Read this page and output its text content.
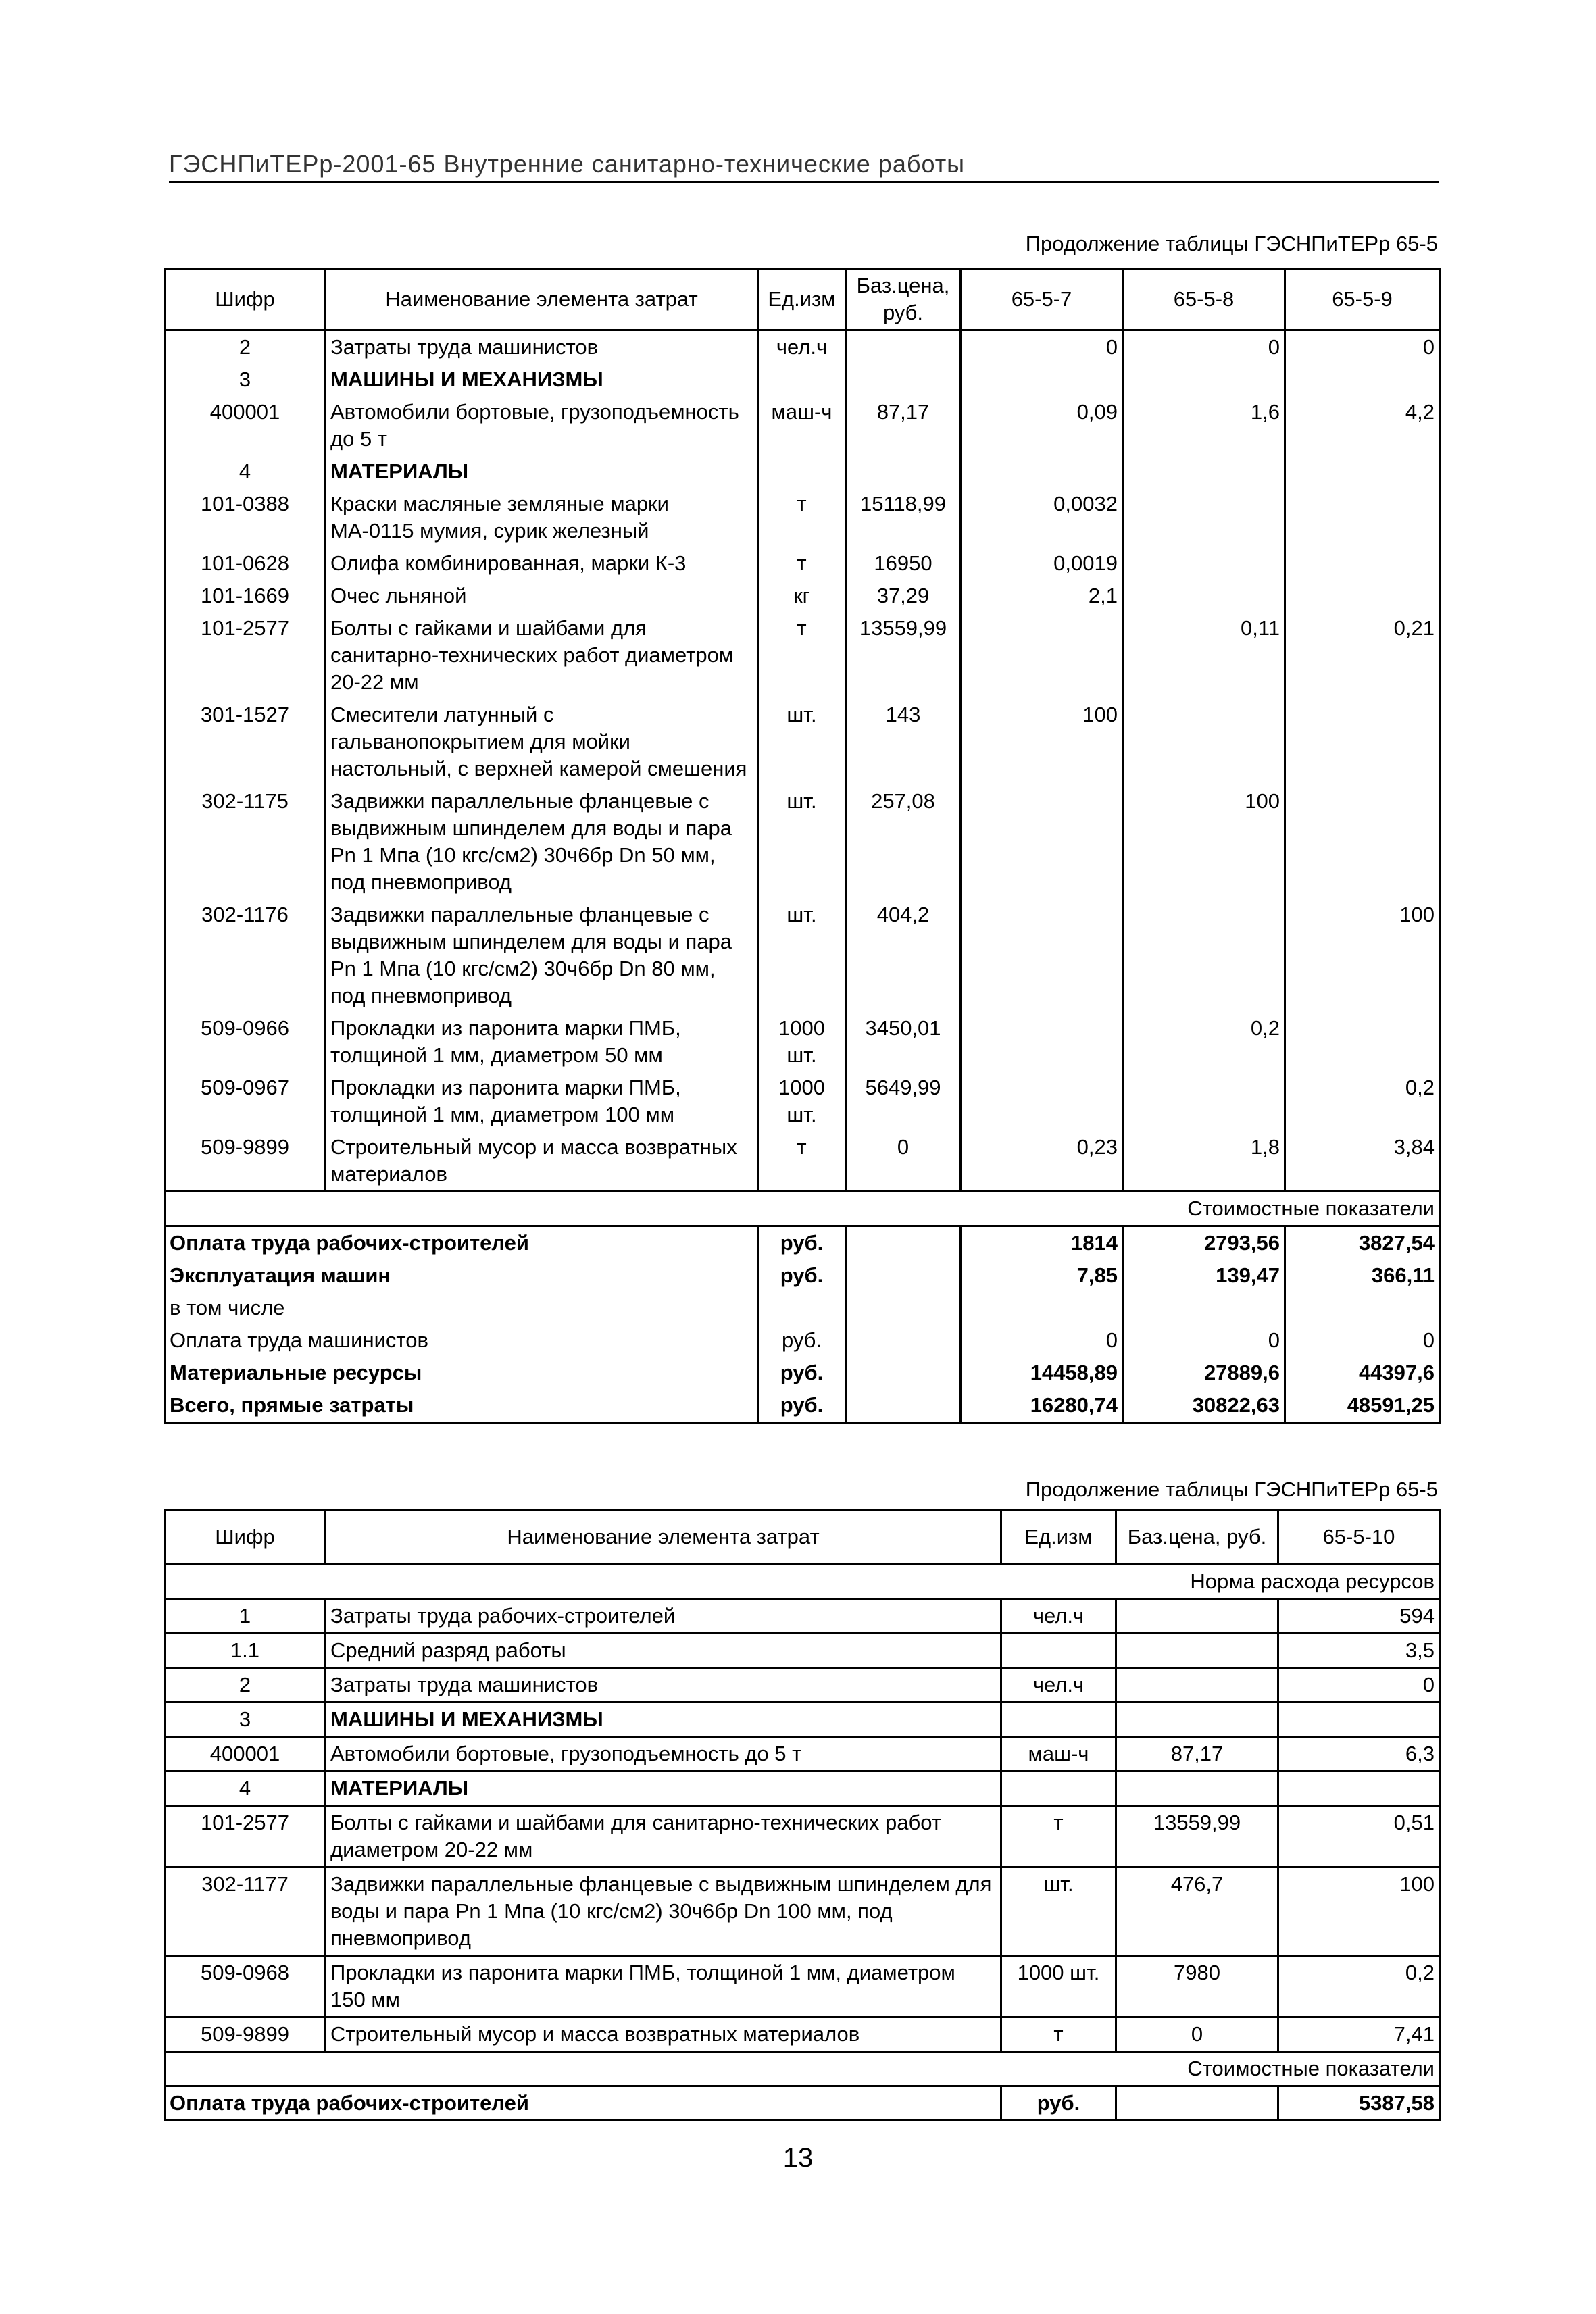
ГЭСНПиТЕРр-2001-65 Внутренние санитарно-технические работы
Продолжение таблицы ГЭСНПиТЕРр 65-5
Шифр	Наименование элемента затрат	Ед.изм	Баз.цена, руб.	65-5-7	65-5-8	65-5-9
2	Затраты труда машинистов	чел.ч		0	0	0
3	МАШИНЫ И МЕХАНИЗМЫ					
400001	Автомобили бортовые, грузоподъемность до 5 т	маш-ч	87,17	0,09	1,6	4,2
4	МАТЕРИАЛЫ					
101-0388	Краски масляные земляные марки МА-0115 мумия, сурик железный	т	15118,99	0,0032		
101-0628	Олифа комбинированная, марки К-3	т	16950	0,0019		
101-1669	Очес льняной	кг	37,29	2,1		
101-2577	Болты с гайками и шайбами для санитарно-технических работ диаметром 20-22 мм	т	13559,99		0,11	0,21
301-1527	Смесители латунный с гальванопокрытием для мойки настольный, с верхней камерой смешения	шт.	143	100		
302-1175	Задвижки параллельные фланцевые с выдвижным шпинделем для воды и пара Pn 1 Мпа (10 кгс/см2) 30ч6бр Dn 50 мм, под пневмопривод	шт.	257,08		100	
302-1176	Задвижки параллельные фланцевые с выдвижным шпинделем для воды и пара Pn 1 Мпа (10 кгс/см2) 30ч6бр Dn 80 мм, под пневмопривод	шт.	404,2			100
509-0966	Прокладки из паронита марки ПМБ, толщиной 1 мм, диаметром 50 мм	1000 шт.	3450,01		0,2	
509-0967	Прокладки из паронита марки ПМБ, толщиной 1 мм, диаметром 100 мм	1000 шт.	5649,99			0,2
509-9899	Строительный мусор и масса возвратных материалов	т	0	0,23	1,8	3,84
Стоимостные показатели						
Оплата труда рабочих-строителей		руб.		1814	2793,56	3827,54
Эксплуатация машин		руб.		7,85	139,47	366,11
в том числе						
Оплата труда машинистов		руб.		0	0	0
Материальные ресурсы		руб.		14458,89	27889,6	44397,6
Всего, прямые затраты		руб.		16280,74	30822,63	48591,25
Продолжение таблицы ГЭСНПиТЕРр 65-5
Шифр	Наименование элемента затрат	Ед.изм	Баз.цена, руб.	65-5-10
Норма расхода ресурсов				
1	Затраты труда рабочих-строителей	чел.ч		594
1.1	Средний разряд работы			3,5
2	Затраты труда машинистов	чел.ч		0
3	МАШИНЫ И МЕХАНИЗМЫ			
400001	Автомобили бортовые, грузоподъемность до 5 т	маш-ч	87,17	6,3
4	МАТЕРИАЛЫ			
101-2577	Болты с гайками и шайбами для санитарно-технических работ диаметром 20-22 мм	т	13559,99	0,51
302-1177	Задвижки параллельные фланцевые с выдвижным шпинделем для воды и пара Pn 1 Мпа (10 кгс/см2) 30ч6бр Dn 100 мм, под пневмопривод	шт.	476,7	100
509-0968	Прокладки из паронита марки ПМБ, толщиной 1 мм, диаметром 150 мм	1000 шт.	7980	0,2
509-9899	Строительный мусор и масса возвратных материалов	т	0	7,41
Стоимостные показатели				
Оплата труда рабочих-строителей		руб.		5387,58
13
